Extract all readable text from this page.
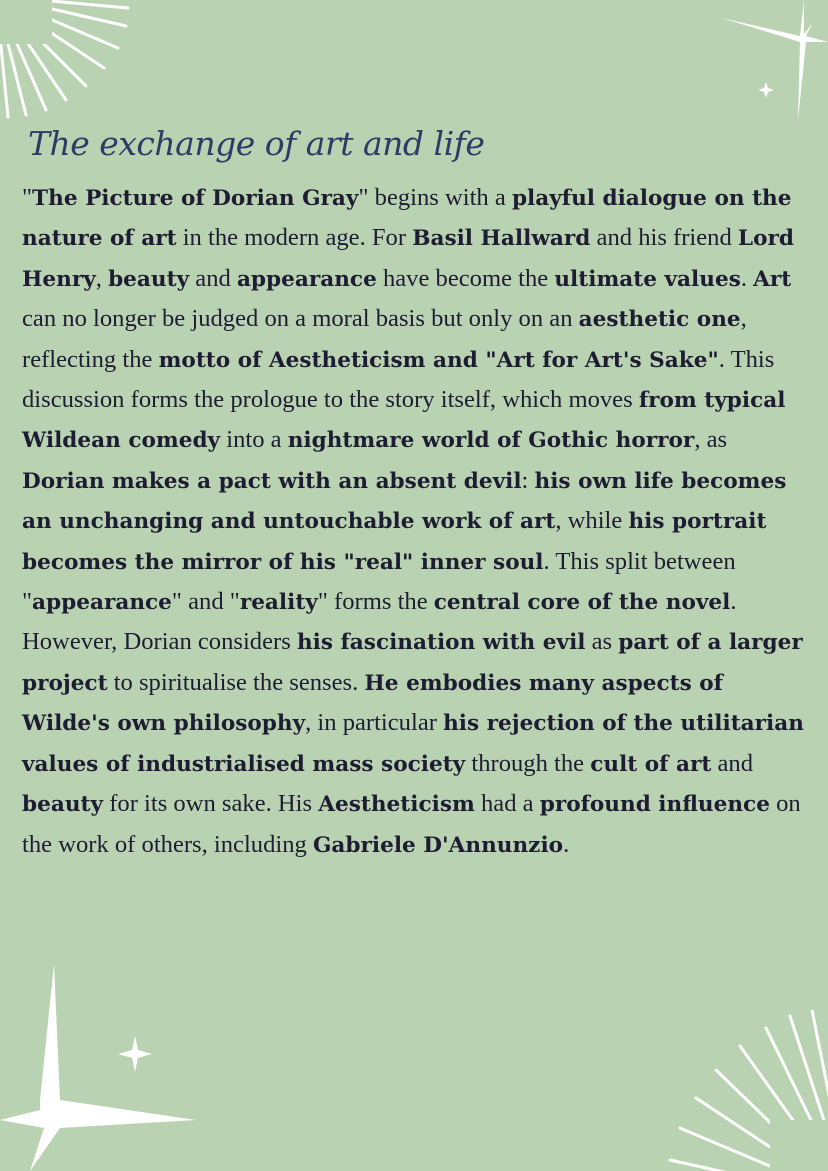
The exchange of art and life

"The Picture of Dorian Gray" begins with a playful dialogue on the nature of art in the modern age. For Basil Hallward and his friend Lord Henry, beauty and appearance have become the ultimate values. Art can no longer be judged on a moral basis but only on an aesthetic one, reflecting the motto of Aestheticism and "Art for Art's Sake". This discussion forms the prologue to the story itself, which moves from typical Wildean comedy into a nightmare world of Gothic horror, as Dorian makes a pact with an absent devil: his own life becomes an unchanging and untouchable work of art, while his portrait becomes the mirror of his "real" inner soul. This split between "appearance" and "reality" forms the central core of the novel.

However, Dorian considers his fascination with evil as part of a larger project to spiritualise the senses. He embodies many aspects of Wilde's own philosophy, in particular his rejection of the utilitarian values of industrialised mass society through the cult of art and beauty for its own sake. His Aestheticism had a profound influence on the work of others, including Gabriele D'Annunzio.
